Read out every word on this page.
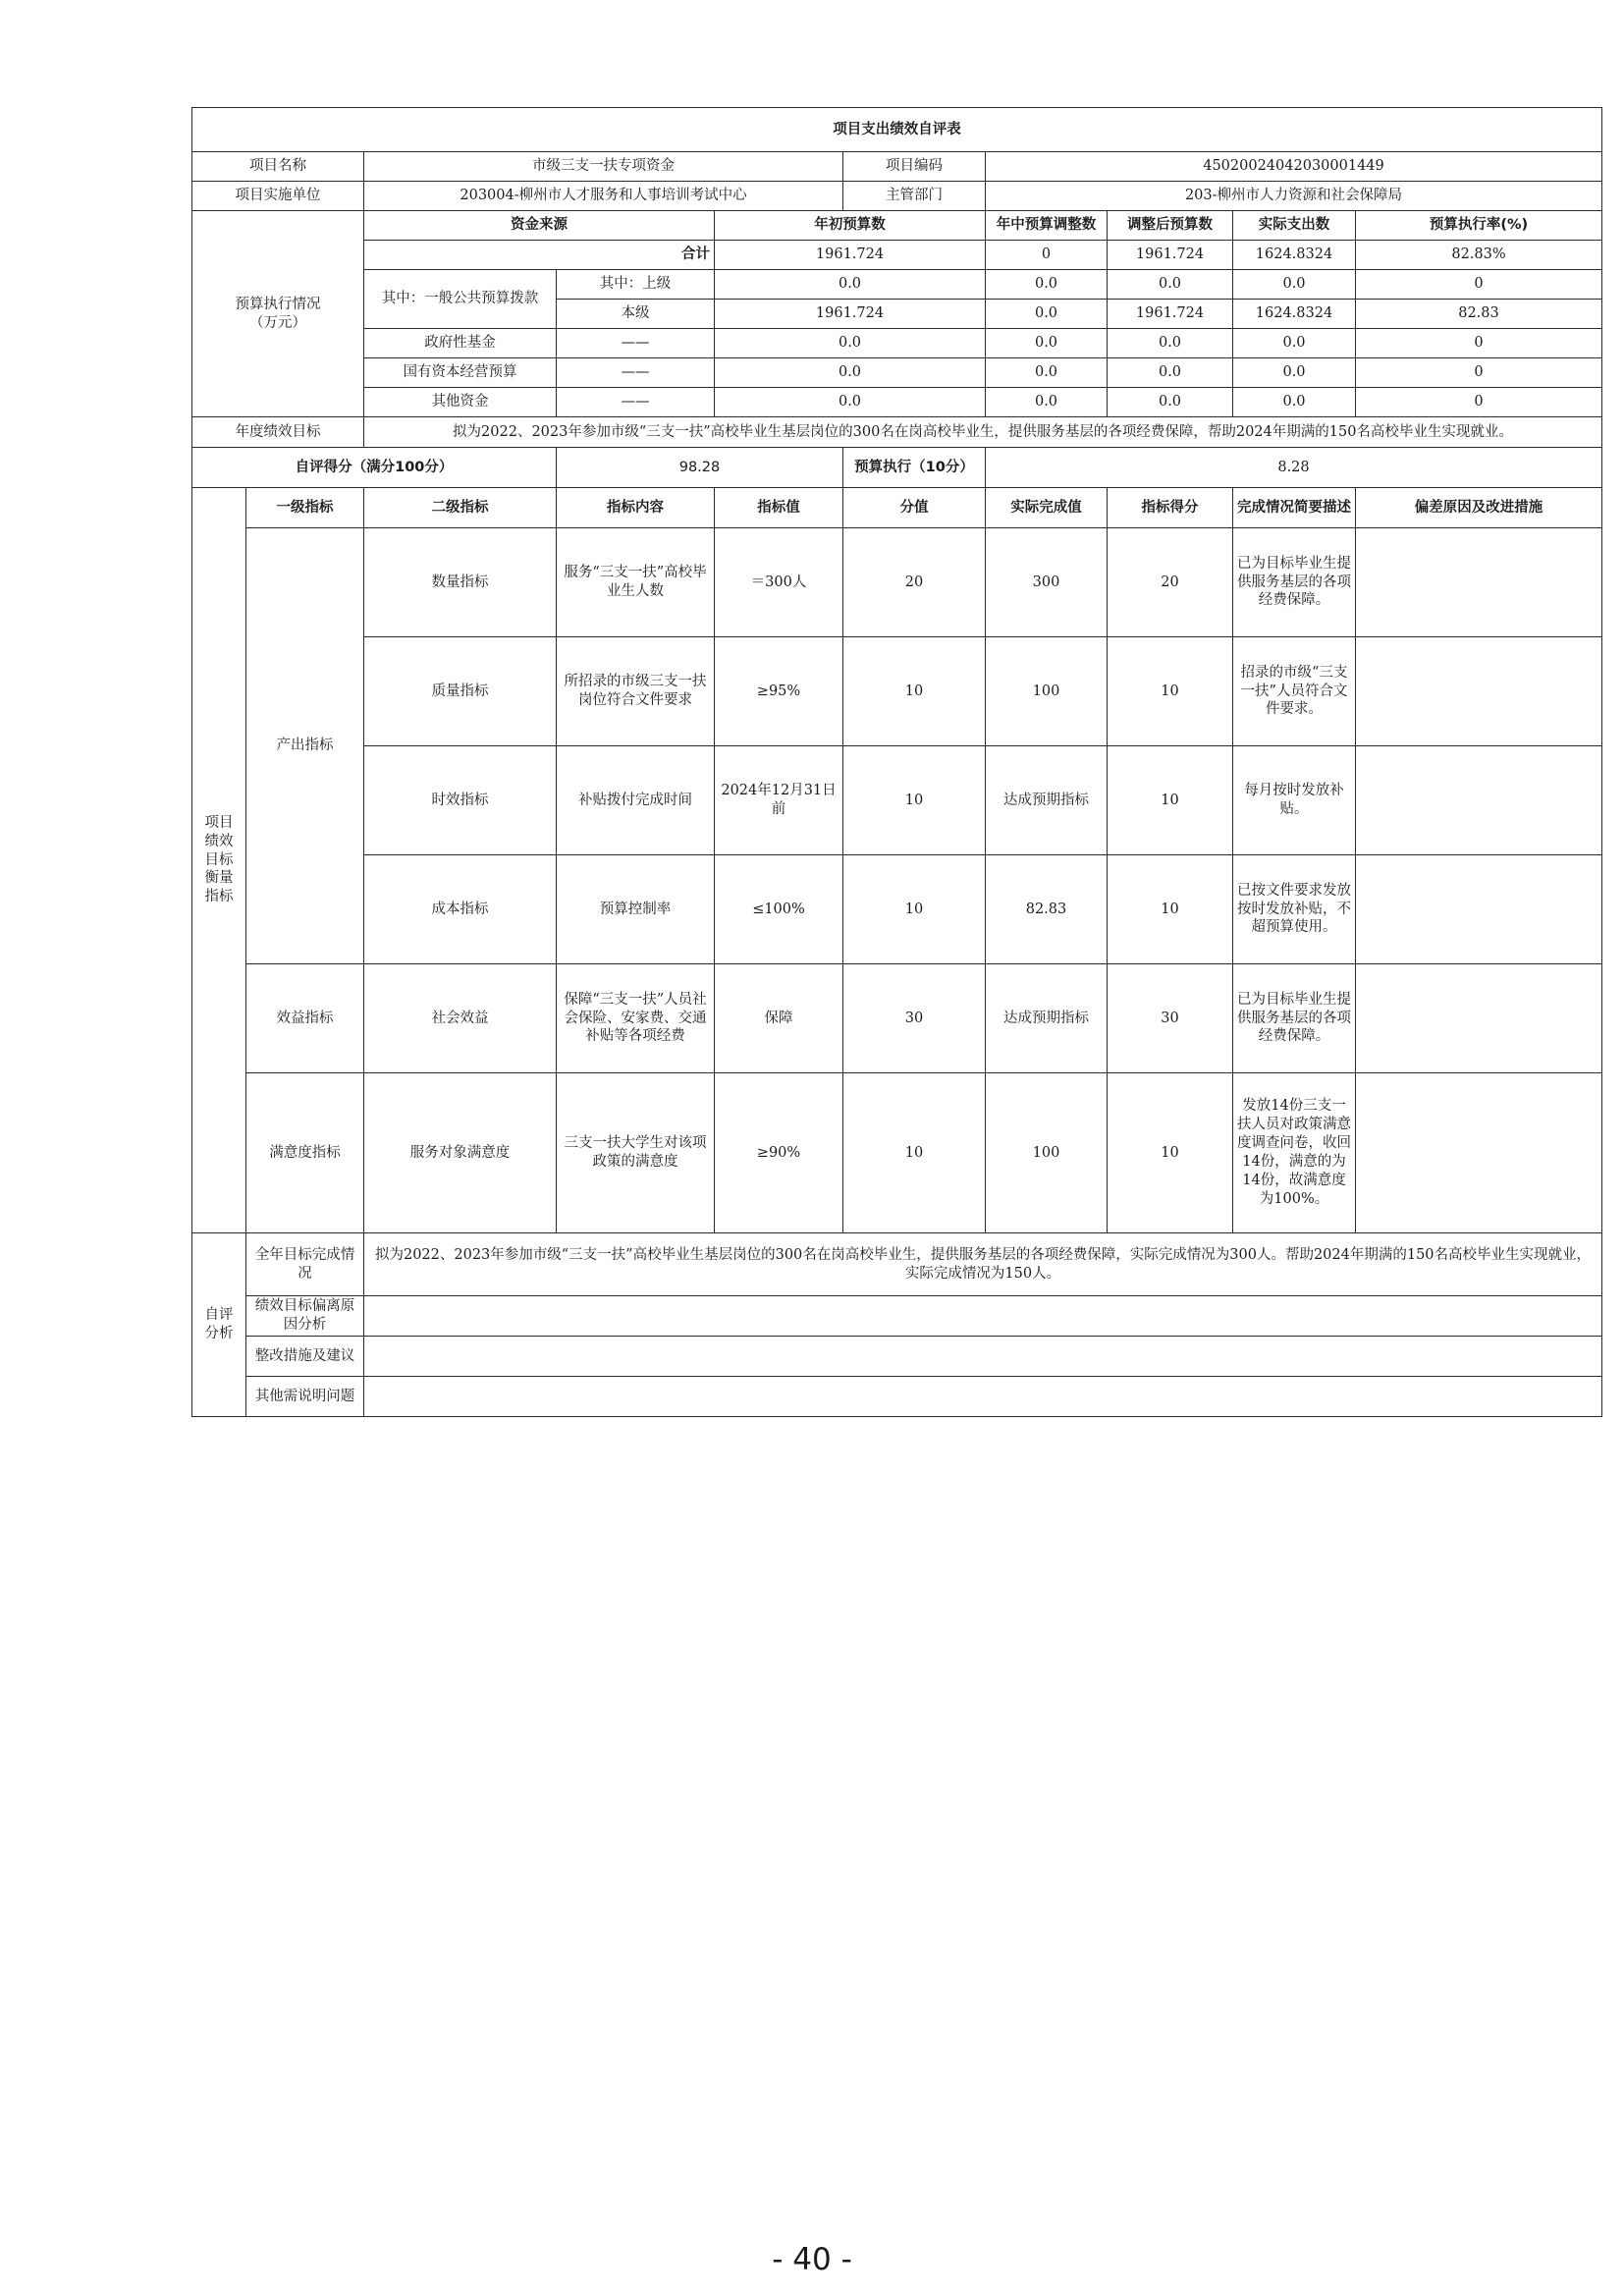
项目支出绩效自评表									
项目名称		市级三支一扶专项资金			项目编码	45020024042030001449			
项目实施单位		203004-柳州市人才服务和人事培训考试中心			主管部门	203-柳州市人力资源和社会保障局			
预算执行情况
（万元）		资金来源		年初预算数		年中预算调整数	调整后预算数	实际支出数	预算执行率(%)
		合计		1961.724		0	1961.724	1624.8324	82.83%
		其中：一般公共预算拨款	其中：上级	0.0		0.0	0.0	0.0	0
			本级	1961.724		0.0	1961.724	1624.8324	82.83
		政府性基金	——	0.0		0.0	0.0	0.0	0
		国有资本经营预算	——	0.0		0.0	0.0	0.0	0
		其他资金	——	0.0		0.0	0.0	0.0	0
年度绩效目标		拟为2022、2023年参加市级“三支一扶”高校毕业生基层岗位的300名在岗高校毕业生，提供服务基层的各项经费保障，帮助2024年期满的150名高校毕业生实现就业。							
自评得分（满分100分）			98.28		预算执行（10分）	8.28			
项目
绩效
目标
衡量
指标	一级指标	二级指标	指标内容	指标值	分值	实际完成值	指标得分	完成情况简要描述	偏差原因及改进措施
	产出指标	数量指标	服务“三支一扶”高校毕业生人数	＝300人	20	300	20	已为目标毕业生提供服务基层的各项经费保障。	
		质量指标	所招录的市级三支一扶岗位符合文件要求	≥95%	10	100	10	招录的市级“三支一扶”人员符合文件要求。	
		时效指标	补贴拨付完成时间	2024年12月31日前	10	达成预期指标	10	每月按时发放补贴。	
		成本指标	预算控制率	≤100%	10	82.83	10	已按文件要求发放按时发放补贴，不超预算使用。	
	效益指标	社会效益	保障“三支一扶”人员社会保险、安家费、交通补贴等各项经费	保障	30	达成预期指标	30	已为目标毕业生提供服务基层的各项经费保障。	
	满意度指标	服务对象满意度	三支一扶大学生对该项政策的满意度	≥90%	10	100	10	发放14份三支一扶人员对政策满意度调查问卷，收回14份，满意的为14份，故满意度为100%。	
自评
分析	全年目标完成情况	拟为2022、2023年参加市级“三支一扶”高校毕业生基层岗位的300名在岗高校毕业生，提供服务基层的各项经费保障，实际完成情况为300人。帮助2024年期满的150名高校毕业生实现就业，实际完成情况为150人。							
	绩效目标偏离原因分析								
	整改措施及建议								
	其他需说明问题								
- 40 -
